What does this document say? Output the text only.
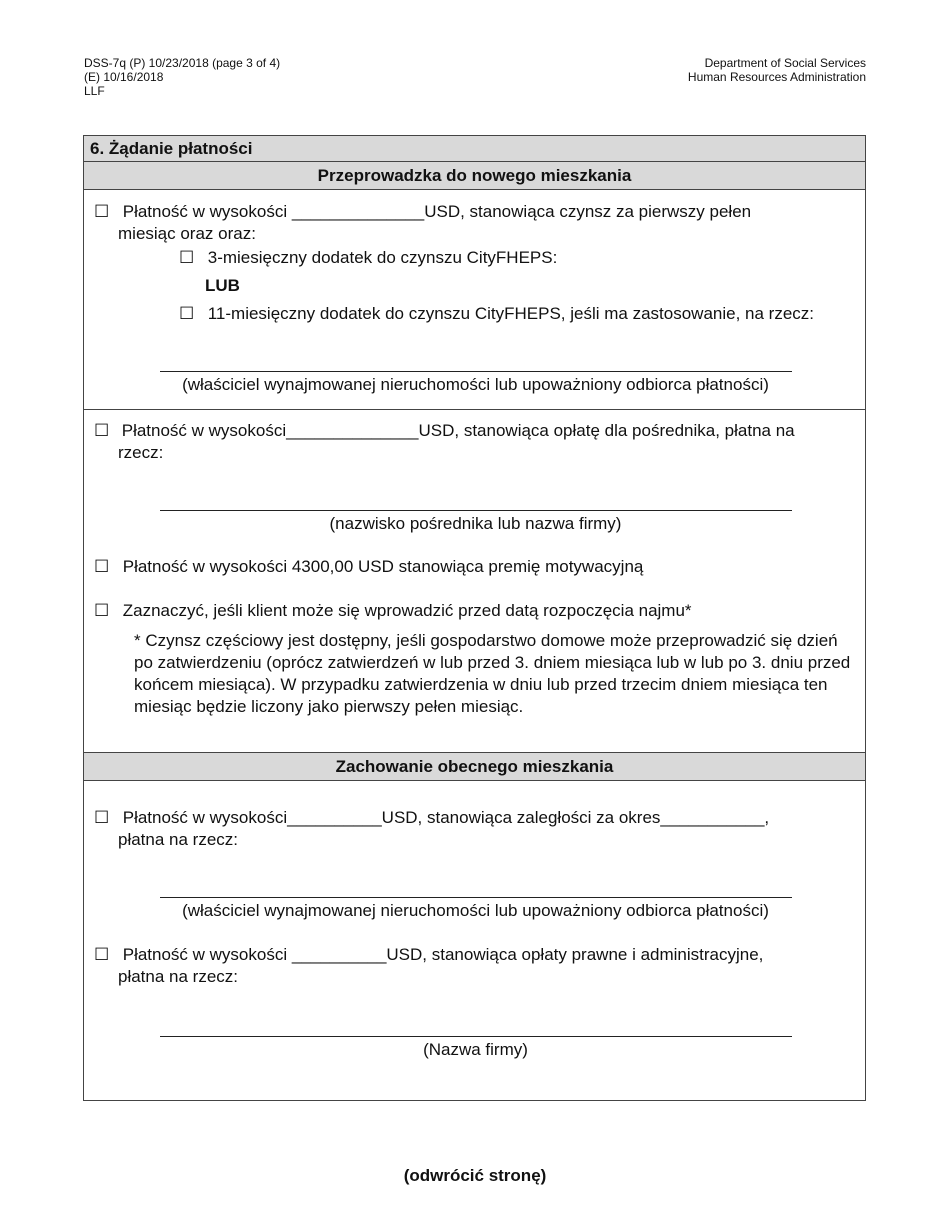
DSS-7q (P) 10/23/2018 (page 3 of 4)
(E) 10/16/2018
LLF
Department of Social Services
Human Resources Administration
6. Żądanie płatności
Przeprowadzka do nowego mieszkania
☐ Płatność w wysokości ______________USD, stanowiąca czynsz za pierwszy pełen
miesiąc oraz oraz:
☐ 3-miesięczny dodatek do czynszu CityFHEPS:
LUB
☐ 11-miesięczny dodatek do czynszu CityFHEPS, jeśli ma zastosowanie, na rzecz:
(właściciel wynajmowanej nieruchomości lub upoważniony odbiorca płatności)
☐ Płatność w wysokości______________USD, stanowiąca opłatę dla pośrednika, płatna na
rzecz:
(nazwisko pośrednika lub nazwa firmy)
☐ Płatność w wysokości 4300,00 USD stanowiąca premię motywacyjną
☐ Zaznaczyć, jeśli klient może się wprowadzić przed datą rozpoczęcia najmu*
* Czynsz częściowy jest dostępny, jeśli gospodarstwo domowe może przeprowadzić się dzień po zatwierdzeniu (oprócz zatwierdzeń w lub przed 3. dniem miesiąca lub w lub po 3. dniu przed końcem miesiąca). W przypadku zatwierdzenia w dniu lub przed trzecim dniem miesiąca ten miesiąc będzie liczony jako pierwszy pełen miesiąc.
Zachowanie obecnego mieszkania
☐ Płatność w wysokości__________USD, stanowiąca zaległości za okres___________,
płatna na rzecz:
(właściciel wynajmowanej nieruchomości lub upoważniony odbiorca płatności)
☐ Płatność w wysokości __________USD, stanowiąca opłaty prawne i administracyjne,
płatna na rzecz:
(Nazwa firmy)
(odwrócić stronę)
